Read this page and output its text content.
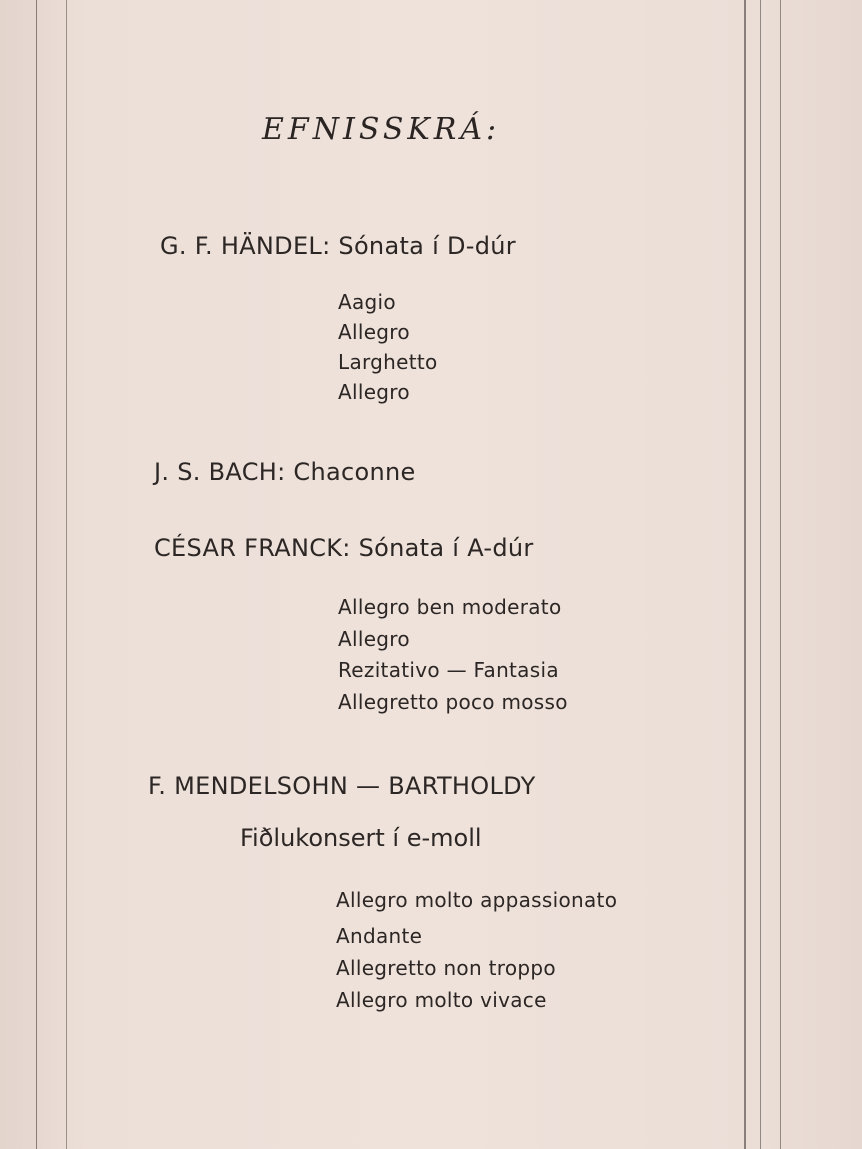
EFNISSKRÁ:
G. F. HÄNDEL: Sónata í D-dúr
Aagio
Allegro
Larghetto
Allegro
J. S. BACH: Chaconne
CÉSAR FRANCK: Sónata í A-dúr
Allegro ben moderato
Allegro
Rezitativo — Fantasia
Allegretto poco mosso
F. MENDELSOHN — BARTHOLDY
Fiðlukonsert í e-moll
Allegro molto appassionato
Andante
Allegretto non troppo
Allegro molto vivace
